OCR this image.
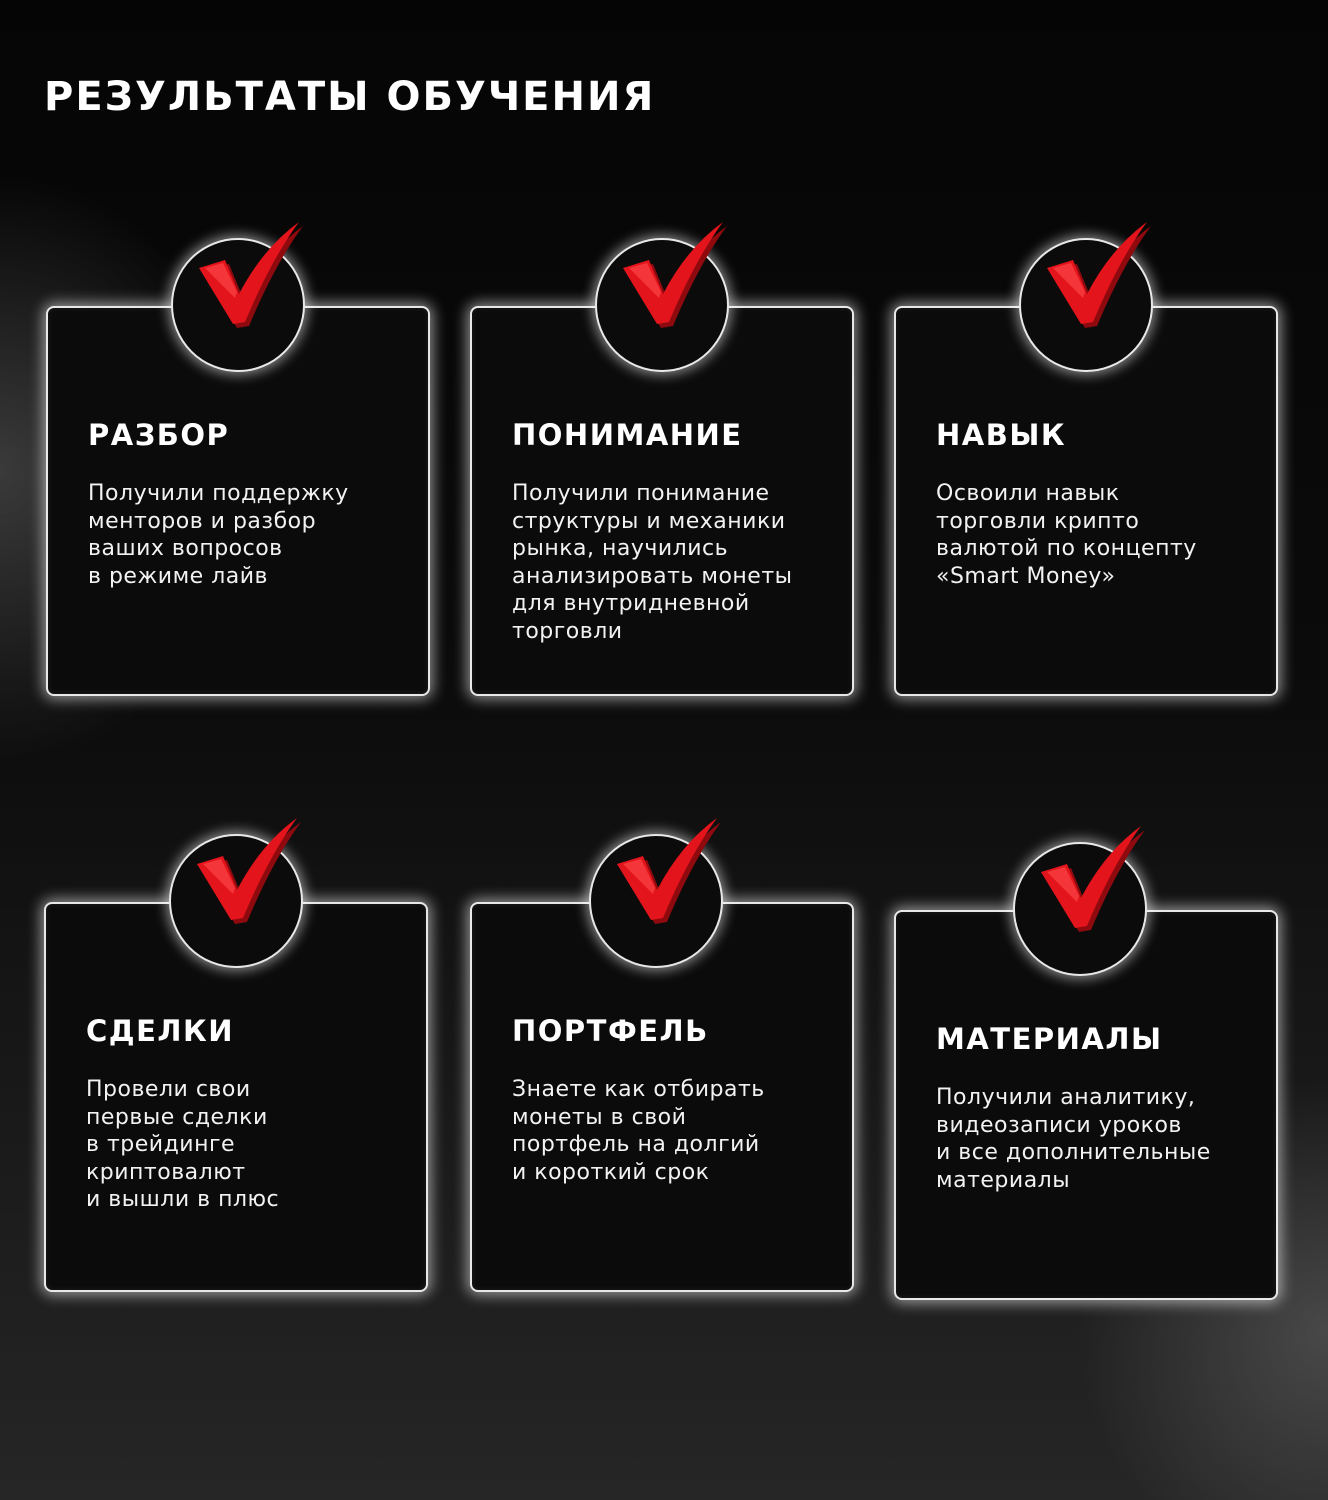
РЕЗУЛЬТАТЫ ОБУЧЕНИЯ
РАЗБОР

Получили поддержку
менторов и разбор
ваших вопросов
в режиме лайв

ПОНИМАНИЕ

Получили понимание
структуры и механики
рынка, научились
анализировать монеты
для внутридневной
торговли

НАВЫК

Освоили навык
торговли крипто
валютой по концепту
«Smart Money»

СДЕЛКИ

Провели свои
первые сделки
в трейдинге
криптовалют
и вышли в плюс

ПОРТФЕЛЬ

Знаете как отбирать
монеты в свой
портфель на долгий
и короткий срок

МАТЕРИАЛЫ

Получили аналитику,
видеозаписи уроков
и все дополнительные
материалы
